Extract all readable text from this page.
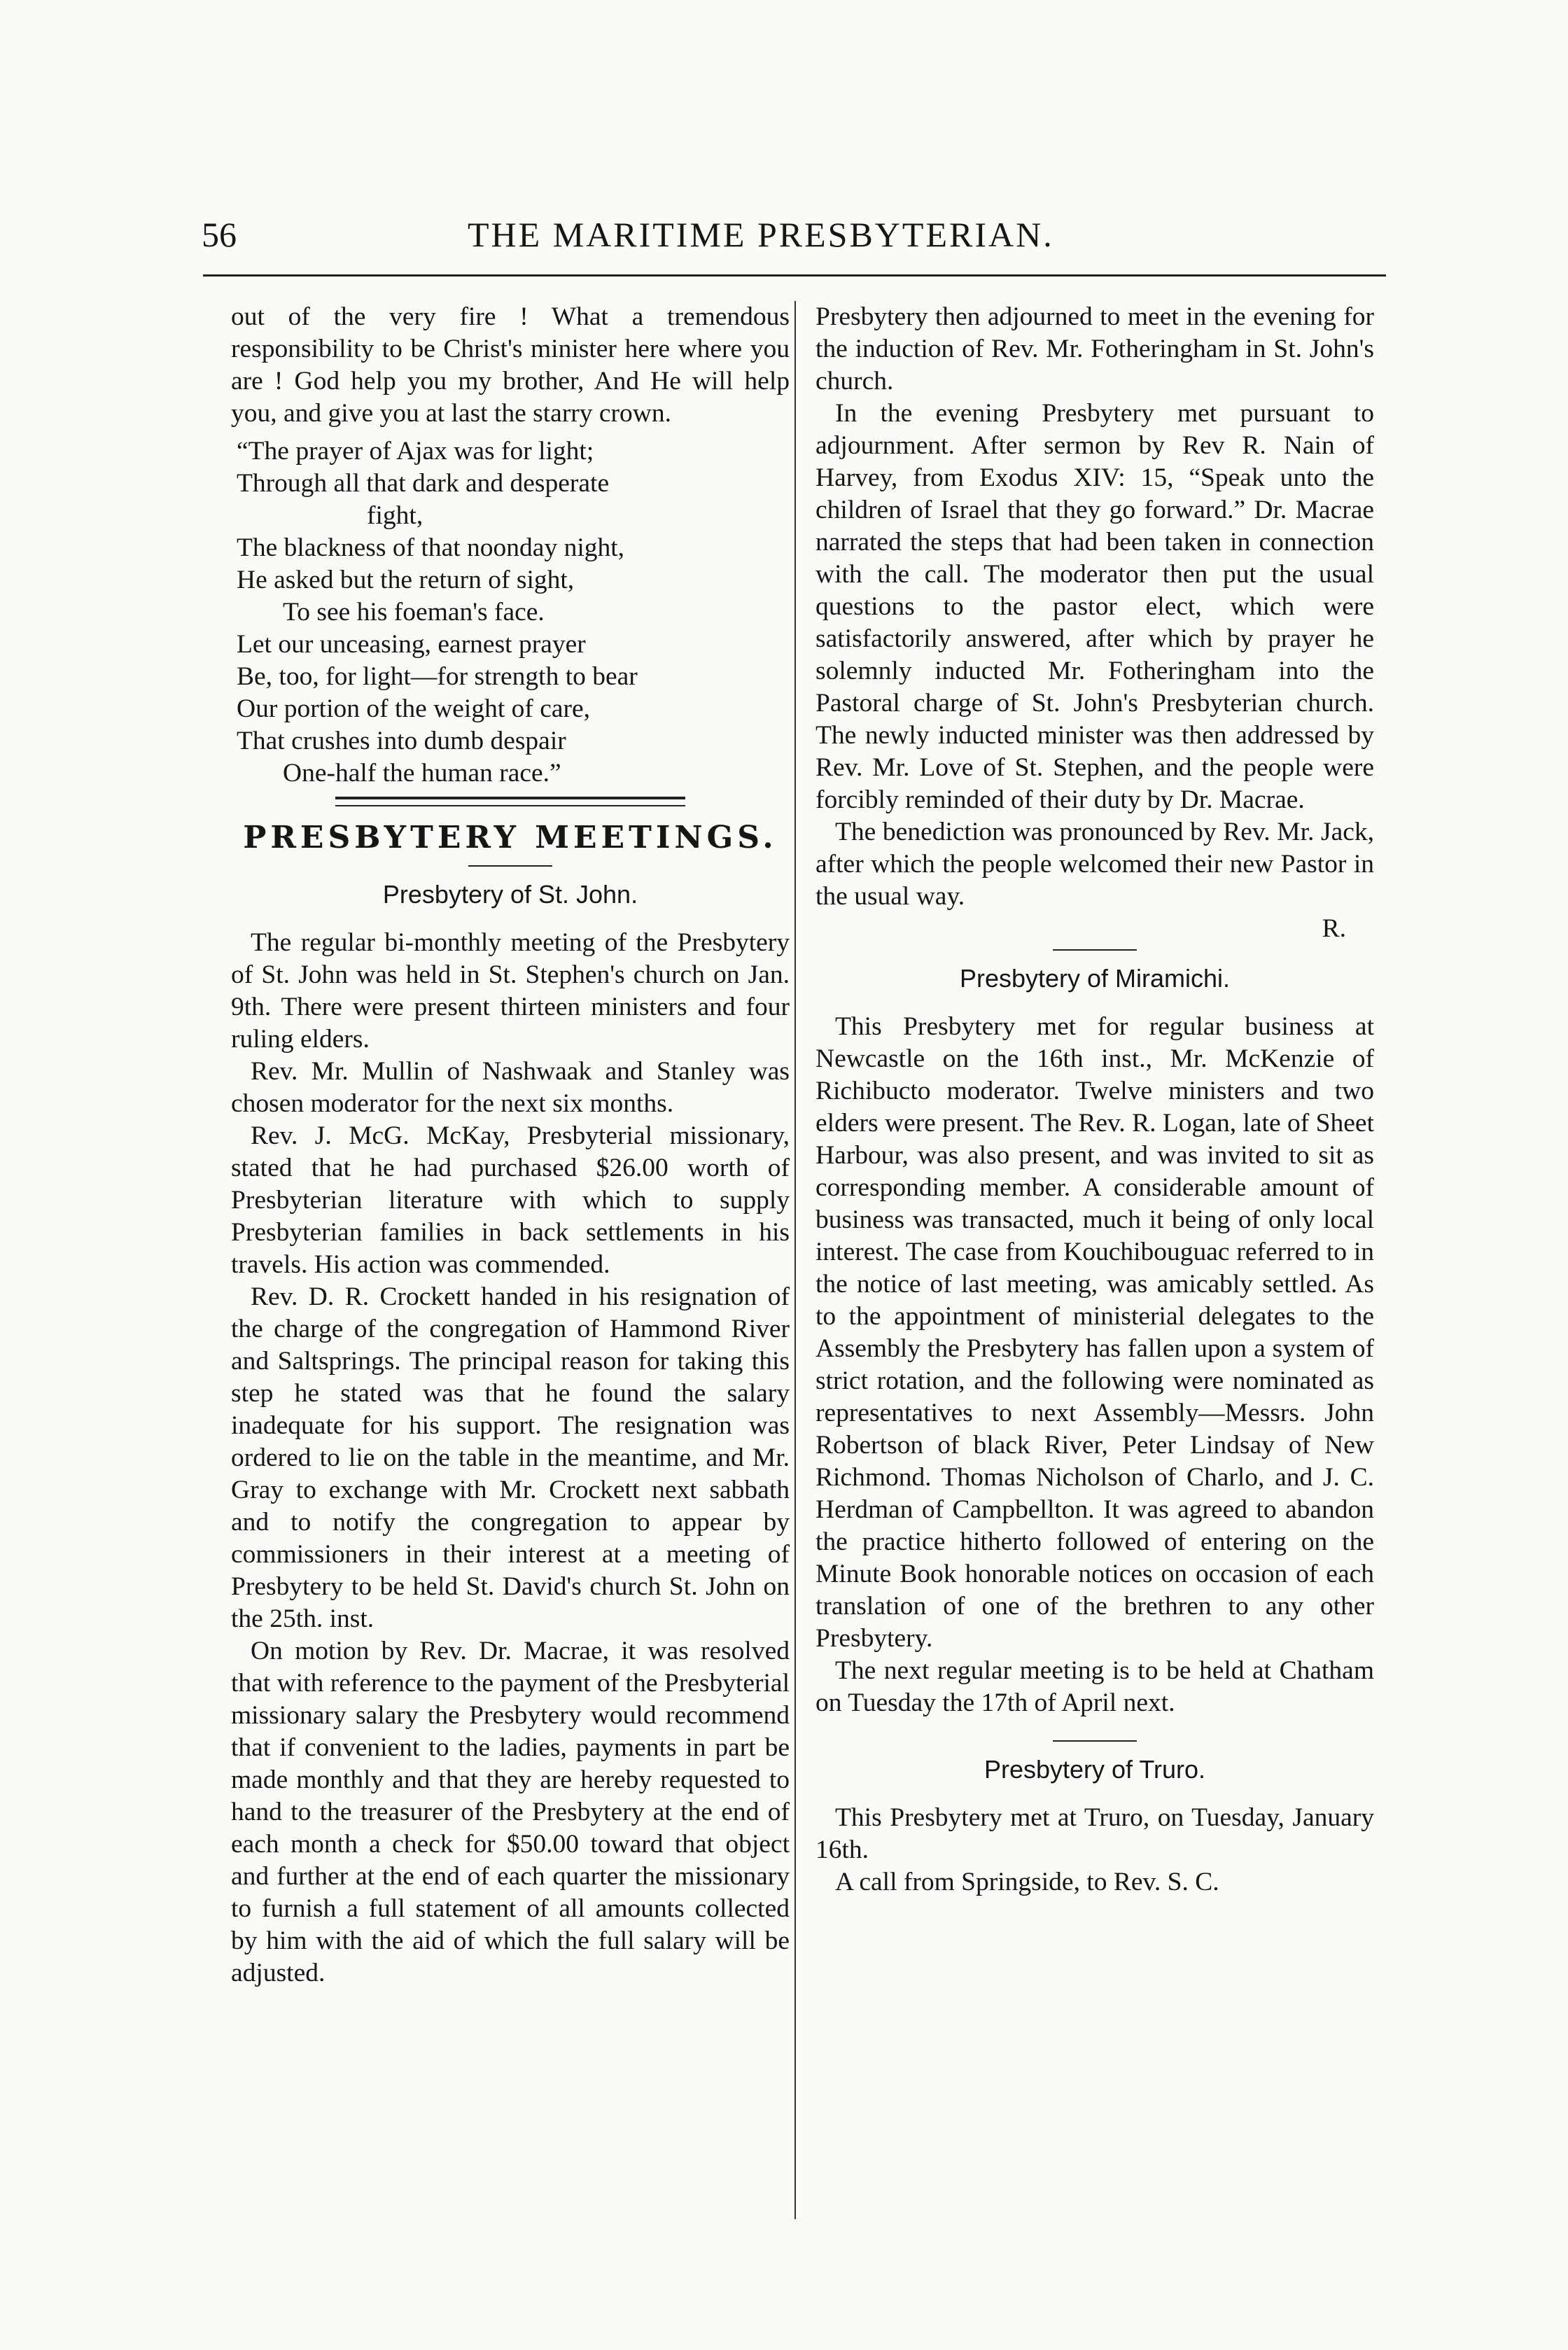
56	THE MARITIME PRESBYTERIAN.

out of the very fire ! What a tremendous responsibility to be Christ's minister here where you are ! God help you my brother, And He will help you, and give you at last the starry crown.

“The prayer of Ajax was for light;
Through all that dark and desperate
fight,
The blackness of that noonday night,
He asked but the return of sight,
To see his foeman's face.
Let our unceasing, earnest prayer
Be, too, for light—for strength to bear
Our portion of the weight of care,
That crushes into dumb despair
One-half the human race.”
PRESBYTERY MEETINGS.
Presbytery of St. John.

The regular bi-monthly meeting of the Presbytery of St. John was held in St. Stephen's church on Jan. 9th. There were present thirteen ministers and four ruling elders.

Rev. Mr. Mullin of Nashwaak and Stanley was chosen moderator for the next six months.

Rev. J. McG. McKay, Presbyterial missionary, stated that he had purchased $26.00 worth of Presbyterian literature with which to supply Presbyterian families in back settlements in his travels. His action was commended.

Rev. D. R. Crockett handed in his resignation of the charge of the congregation of Hammond River and Saltsprings. The principal reason for taking this step he stated was that he found the salary inadequate for his support. The resignation was ordered to lie on the table in the meantime, and Mr. Gray to exchange with Mr. Crockett next sabbath and to notify the congregation to appear by commissioners in their interest at a meeting of Presbytery to be held St. David's church St. John on the 25th. inst.

On motion by Rev. Dr. Macrae, it was resolved that with reference to the payment of the Presbyterial missionary salary the Presbytery would recommend that if convenient to the ladies, payments in part be made monthly and that they are hereby requested to hand to the treasurer of the Presbytery at the end of each month a check for $50.00 toward that object and further at the end of each quarter the missionary to furnish a full statement of all amounts collected by him with the aid of which the full salary will be adjusted.

Presbytery then adjourned to meet in the evening for the induction of Rev. Mr. Fotheringham in St. John's church.

In the evening Presbytery met pursuant to adjournment. After sermon by Rev R. Nain of Harvey, from Exodus XIV: 15, “Speak unto the children of Israel that they go forward.” Dr. Macrae narrated the steps that had been taken in connection with the call. The moderator then put the usual questions to the pastor elect, which were satisfactorily answered, after which by prayer he solemnly inducted Mr. Fotheringham into the Pastoral charge of St. John's Presbyterian church. The newly inducted minister was then addressed by Rev. Mr. Love of St. Stephen, and the people were forcibly reminded of their duty by Dr. Macrae.

The benediction was pronounced by Rev. Mr. Jack, after which the people welcomed their new Pastor in the usual way.

R.

Presbytery of Miramichi.

This Presbytery met for regular business at Newcastle on the 16th inst., Mr. McKenzie of Richibucto moderator. Twelve ministers and two elders were present. The Rev. R. Logan, late of Sheet Harbour, was also present, and was invited to sit as corresponding member. A considerable amount of business was transacted, much it being of only local interest. The case from Kouchibouguac referred to in the notice of last meeting, was amicably settled. As to the appointment of ministerial delegates to the Assembly the Presbytery has fallen upon a system of strict rotation, and the following were nominated as representatives to next Assembly—Messrs. John Robertson of black River, Peter Lindsay of New Richmond. Thomas Nicholson of Charlo, and J. C. Herdman of Campbellton. It was agreed to abandon the practice hitherto followed of entering on the Minute Book honorable notices on occasion of each translation of one of the brethren to any other Presbytery.

The next regular meeting is to be held at Chatham on Tuesday the 17th of April next.

Presbytery of Truro.

This Presbytery met at Truro, on Tuesday, January 16th.

A call from Springside, to Rev. S. C.
